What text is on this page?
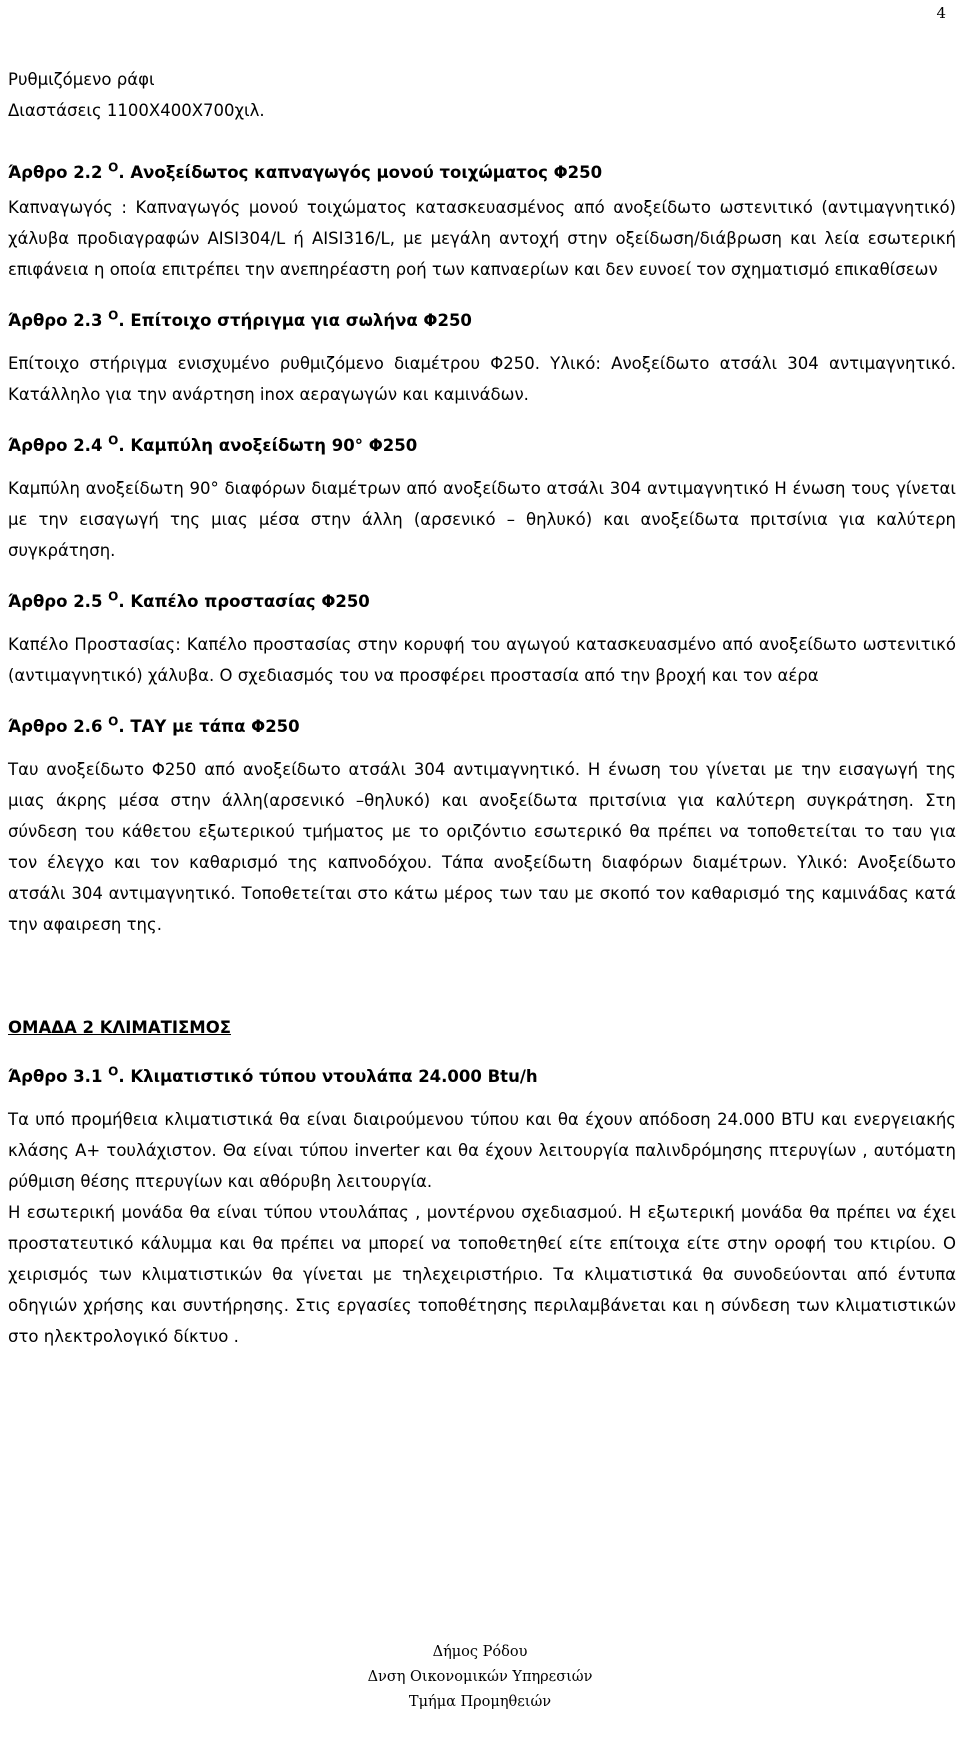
4

Ρυθμιζόμενο ράφι

Διαστάσεις 1100Χ400Χ700χιλ.

Άρθρο 2.2 $^O$. Ανοξείδωτος καπναγωγός μονού τοιχώματος Φ250

Καπναγωγός : Καπναγωγός μονού τοιχώματος κατασκευασμένος από ανοξείδωτο ωστενιτικό (αντιμαγνητικό) χάλυβα προδιαγραφών AISI304/L ή AISI316/L, με μεγάλη αντοχή στην οξείδωση/διάβρωση και λεία εσωτερική επιφάνεια η οποία επιτρέπει την ανεπηρέαστη ροή των καπναερίων και δεν ευνοεί τον σχηματισμό επικαθίσεων

Άρθρο 2.3 $^O$. Επίτοιχο στήριγμα για σωλήνα Φ250

Επίτοιχο στήριγμα ενισχυμένο ρυθμιζόμενο διαμέτρου Φ250. Υλικό: Ανοξείδωτο ατσάλι 304 αντιμαγνητικό. Κατάλληλο για την ανάρτηση inox αεραγωγών και καμινάδων.

Άρθρο 2.4 $^O$. Καμπύλη ανοξείδωτη 90° Φ250

Καμπύλη ανοξείδωτη 90° διαφόρων διαμέτρων από ανοξείδωτο ατσάλι 304 αντιμαγνητικό Η ένωση τους γίνεται με την εισαγωγή της μιας μέσα στην άλλη (αρσενικό – θηλυκό) και ανοξείδωτα πριτσίνια για καλύτερη συγκράτηση.

Άρθρο 2.5 $^O$. Καπέλο προστασίας Φ250

Καπέλο Προστασίας: Καπέλο προστασίας στην κορυφή του αγωγού κατασκευασμένο από ανοξείδωτο ωστενιτικό (αντιμαγνητικό) χάλυβα. Ο σχεδιασμός του να προσφέρει προστασία από την βροχή και τον αέρα

Άρθρο 2.6 $^O$. ΤΑΥ με τάπα Φ250

Ταυ ανοξείδωτο Φ250 από ανοξείδωτο ατσάλι 304 αντιμαγνητικό. Η ένωση του γίνεται με την εισαγωγή της μιας άκρης μέσα στην άλλη(αρσενικό –θηλυκό) και ανοξείδωτα πριτσίνια για καλύτερη συγκράτηση. Στη σύνδεση του κάθετου εξωτερικού τμήματος με το οριζόντιο εσωτερικό θα πρέπει να τοποθετείται το ταυ για τον έλεγχο και τον καθαρισμό της καπνοδόχου. Τάπα ανοξείδωτη διαφόρων διαμέτρων. Υλικό: Ανοξείδωτο ατσάλι 304 αντιμαγνητικό. Τοποθετείται στο κάτω μέρος των ταυ με σκοπό τον καθαρισμό της καμινάδας κατά την αφαιρεση της.

ΟΜΑΔΑ 2 ΚΛΙΜΑΤΙΣΜΟΣ

Άρθρο 3.1 $^O$. Κλιματιστικό τύπου ντουλάπα 24.000 Btu/h

Τα υπό προμήθεια κλιματιστικά θα είναι διαιρούμενου τύπου και θα έχουν απόδοση 24.000 BTU και ενεργειακής κλάσης Α+ τουλάχιστον. Θα είναι τύπου inverter και θα έχουν λειτουργία παλινδρόμησης πτερυγίων , αυτόματη ρύθμιση θέσης πτερυγίων και αθόρυβη λειτουργία.

Η εσωτερική μονάδα θα είναι τύπου ντουλάπας , μοντέρνου σχεδιασμού. Η εξωτερική μονάδα θα πρέπει να έχει προστατευτικό κάλυμμα και θα πρέπει να μπορεί να τοποθετηθεί είτε επίτοιχα είτε στην οροφή του κτιρίου. Ο χειρισμός των κλιματιστικών θα γίνεται με τηλεχειριστήριο. Τα κλιματιστικά θα συνοδεύονται από έντυπα οδηγιών χρήσης και συντήρησης. Στις εργασίες τοποθέτησης περιλαμβάνεται και η σύνδεση των κλιματιστικών στο ηλεκτρολογικό δίκτυο .

Δήμος Ρόδου
Δνση Οικονομικών Υπηρεσιών
Τμήμα Προμηθειών
